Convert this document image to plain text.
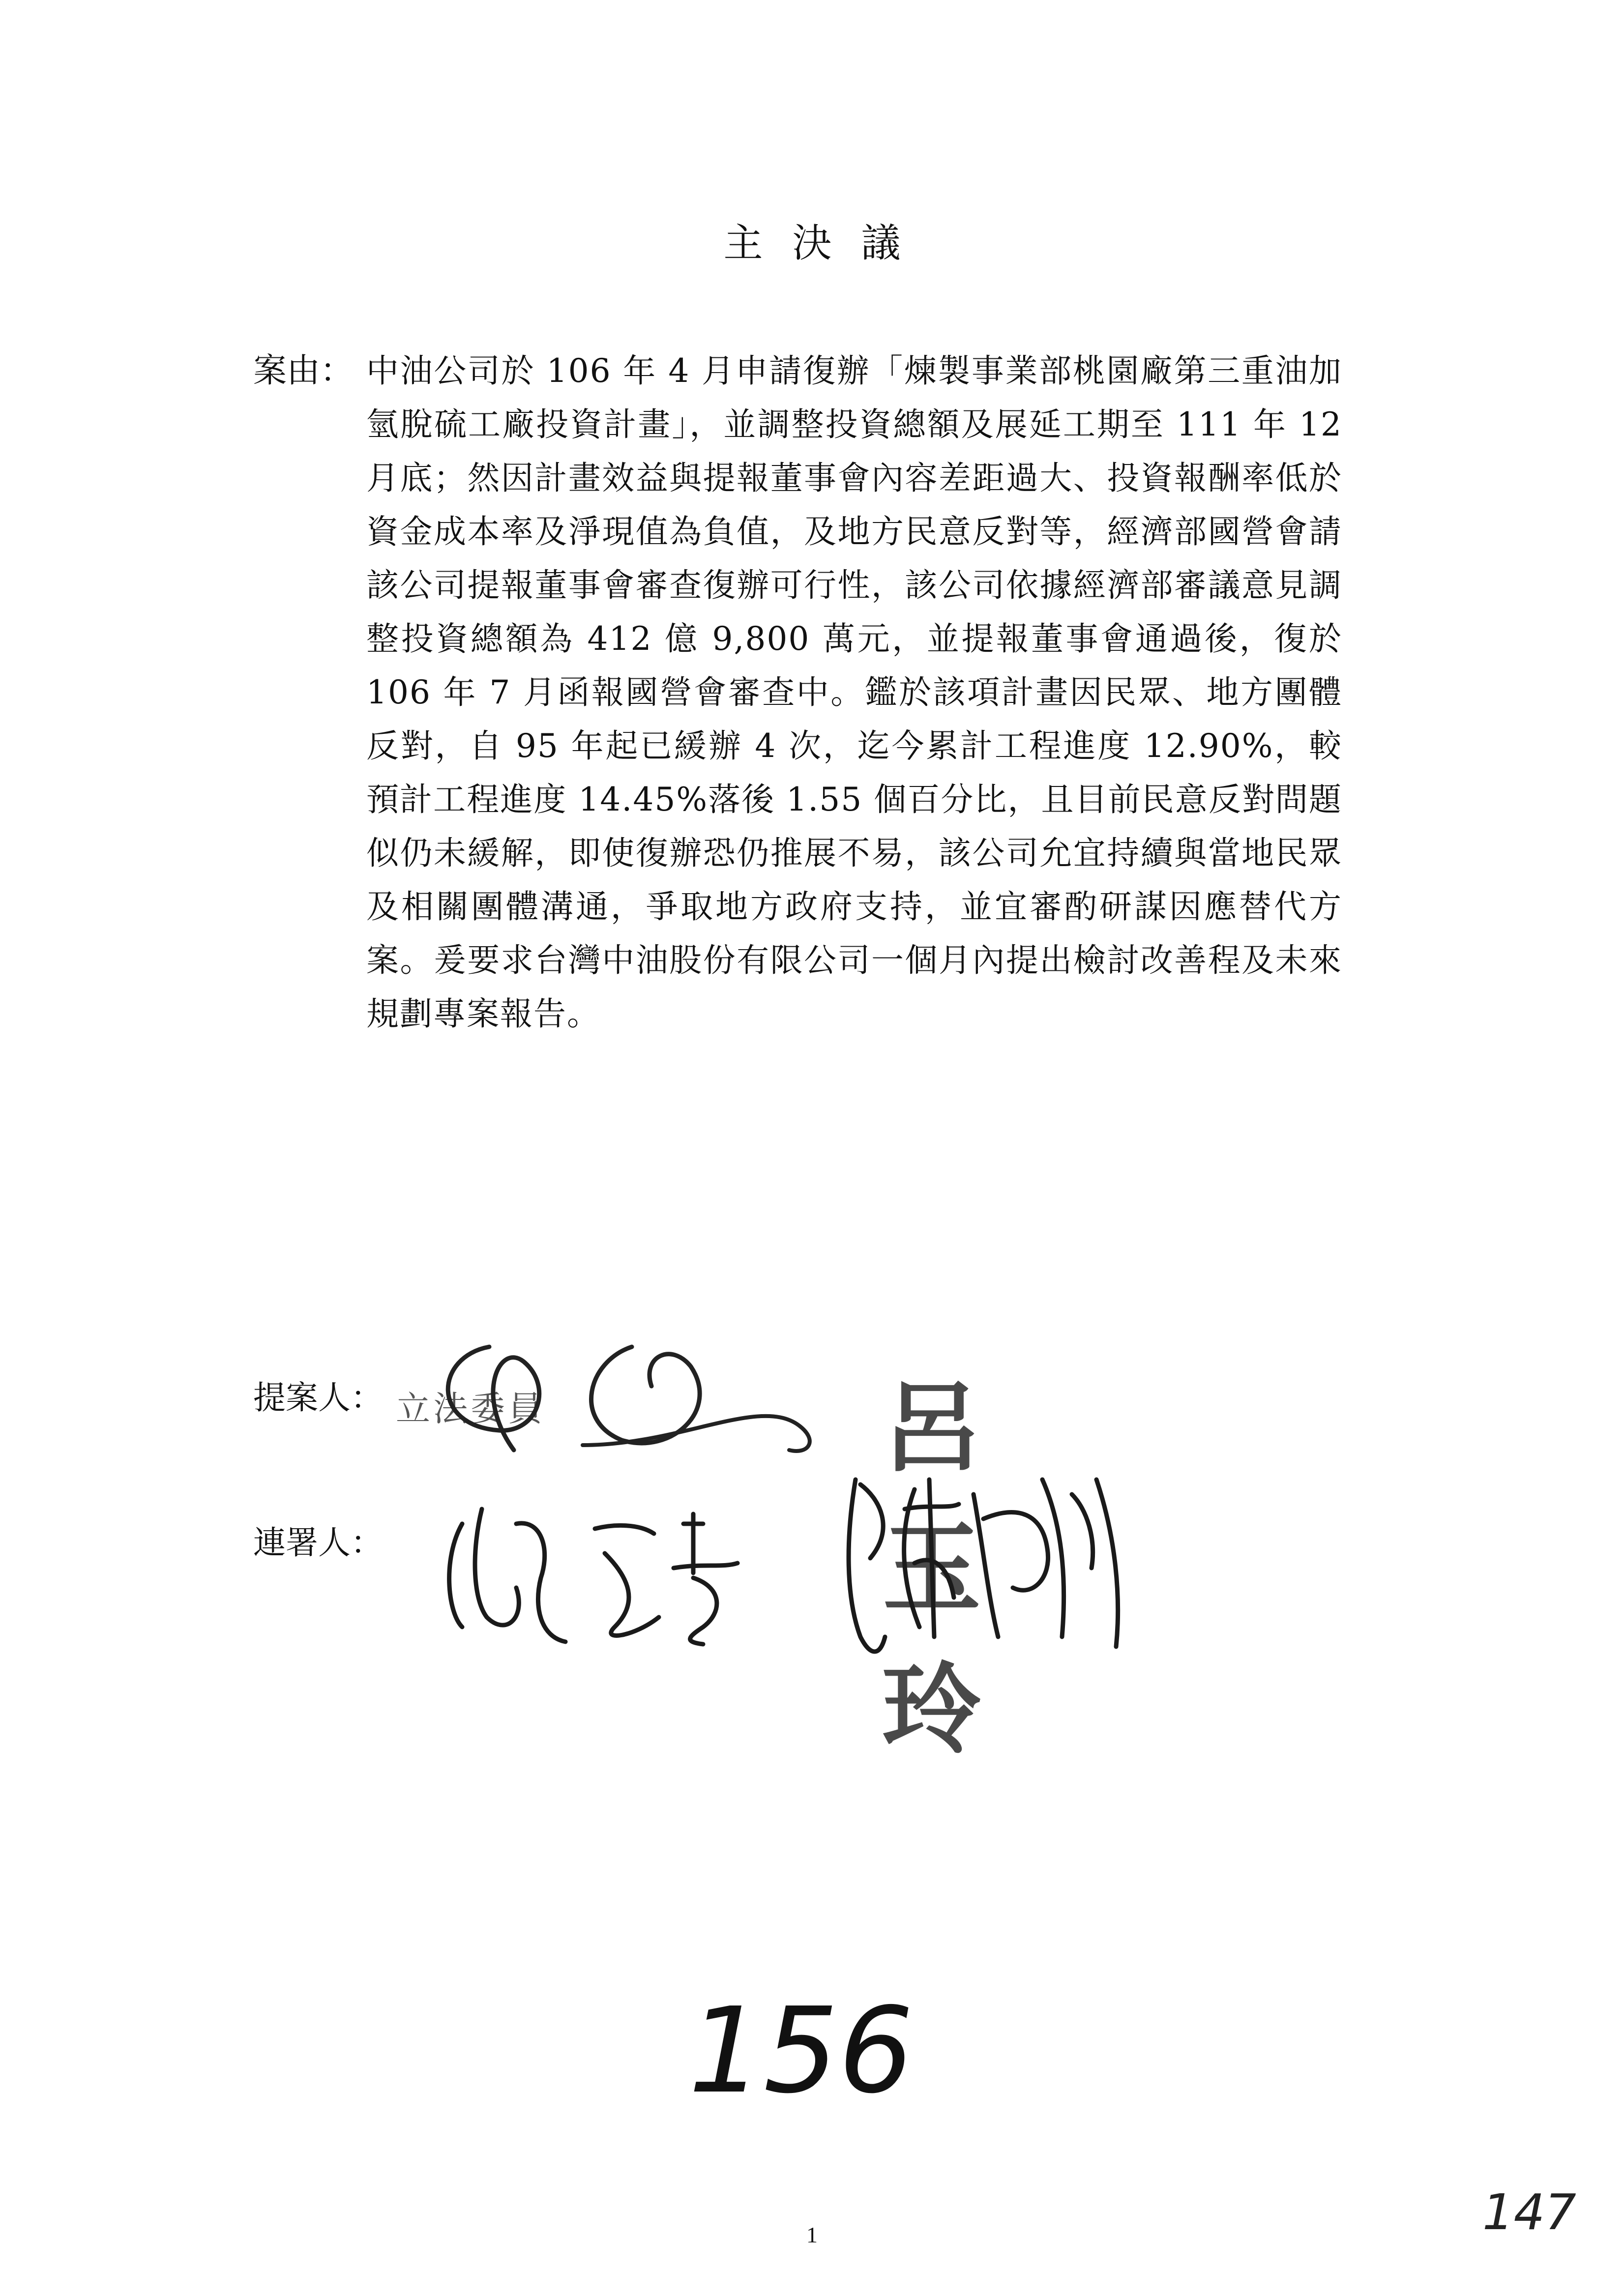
主決議
案由： 中油公司於 106 年 4 月申請復辦「煉製事業部桃園廠第三重油加氫脫硫工廠投資計畫」，並調整投資總額及展延工期至 111 年 12 月底；然因計畫效益與提報董事會內容差距過大、投資報酬率低於資金成本率及淨現值為負值，及地方民意反對等，經濟部國營會請該公司提報董事會審查復辦可行性，該公司依據經濟部審議意見調整投資總額為 412 億 9,800 萬元，並提報董事會通過後，復於 106 年 7 月函報國營會審查中。鑑於該項計畫因民眾、地方團體反對，自 95 年起已緩辦 4 次，迄今累計工程進度 12.90%，較預計工程進度 14.45%落後 1.55 個百分比，且目前民意反對問題似仍未緩解，即使復辦恐仍推展不易，該公司允宜持續與當地民眾及相關團體溝通，爭取地方政府支持，並宜審酌研謀因應替代方案。爰要求台灣中油股份有限公司一個月內提出檢討改善程及未來規劃專案報告。
提案人： 立法委員	呂玉玲
連署人：
156
1	147
